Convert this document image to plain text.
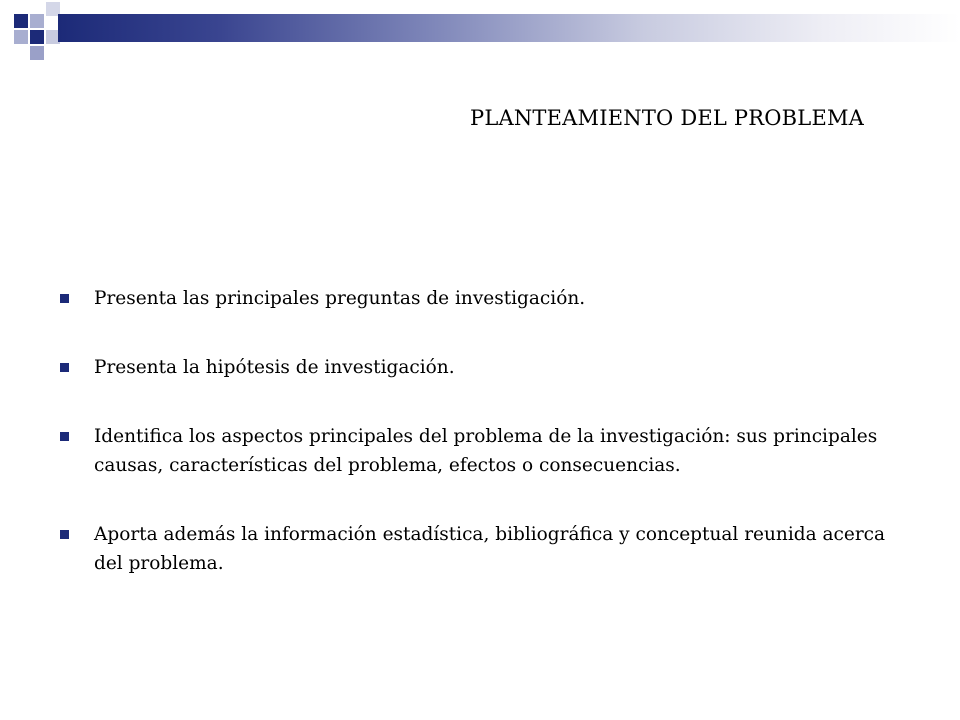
PLANTEAMIENTO DEL PROBLEMA
Presenta las principales preguntas de investigación.
Presenta la hipótesis de investigación.
Identifica los aspectos principales del problema de la investigación: sus principales causas, características del problema, efectos o consecuencias.
Aporta además la información estadística, bibliográfica y conceptual reunida acerca del problema.
